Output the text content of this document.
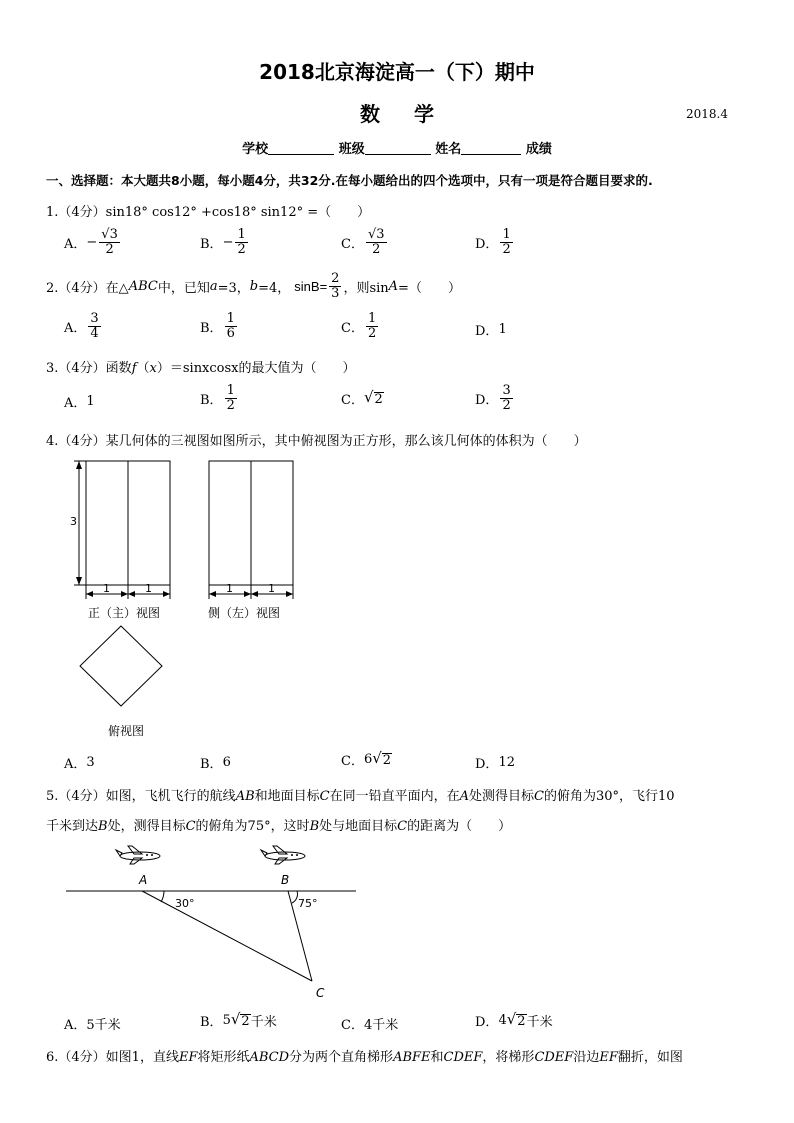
2018北京海淀高一（下）期中
数学	2018.4
学校	班级	姓名	成绩
一、选择题：本大题共8小题，每小题4分，共32分.在每小题给出的四个选项中，只有一项是符合题目要求的.
1.（4分）sin18° cos12° +cos18° sin12° =（　　）
A． − $\frac{√3}{2}$	B． − $\frac{1}{2}$	C． $\frac{√3}{2}$	D． $\frac{1}{2}$
2.（4分）在△ ABC 中，已知 a =3， b =4， $\sin B= \frac{2}{3}$ ，则sin A =（　　）
A． $\frac{3}{4}$	B． $\frac{1}{6}$	C． $\frac{1}{2}$	D． 1
3.（4分）函数f（x）＝sinxcosx的最大值为（　　）
A． 1	B． $\frac{1}{2}$	C． √ 2	D． $\frac{3}{2}$
4.（4分）某几何体的三视图如图所示，其中俯视图为正方形，那么该几何体的体积为（　　）
3
1	1
正（主）视图
1	1
侧（左）视图
俯视图
A． 3	B． 6	C． 6 √ 2	D． 12
5.（4分）如图，飞机飞行的航线AB和地面目标C在同一铅直平面内，在A处测得目标C的俯角为30°，飞行10
千米到达B处，测得目标C的俯角为75°，这时B处与地面目标C的距离为（　　）
A	B
30°	75°
C
A． 5千米	B． 5 √ 2 千米	C． 4千米	D． 4 √ 2 千米
6.（4分）如图1，直线EF将矩形纸ABCD分为两个直角梯形ABFE和CDEF，将梯形CDEF沿边EF翻折，如图
